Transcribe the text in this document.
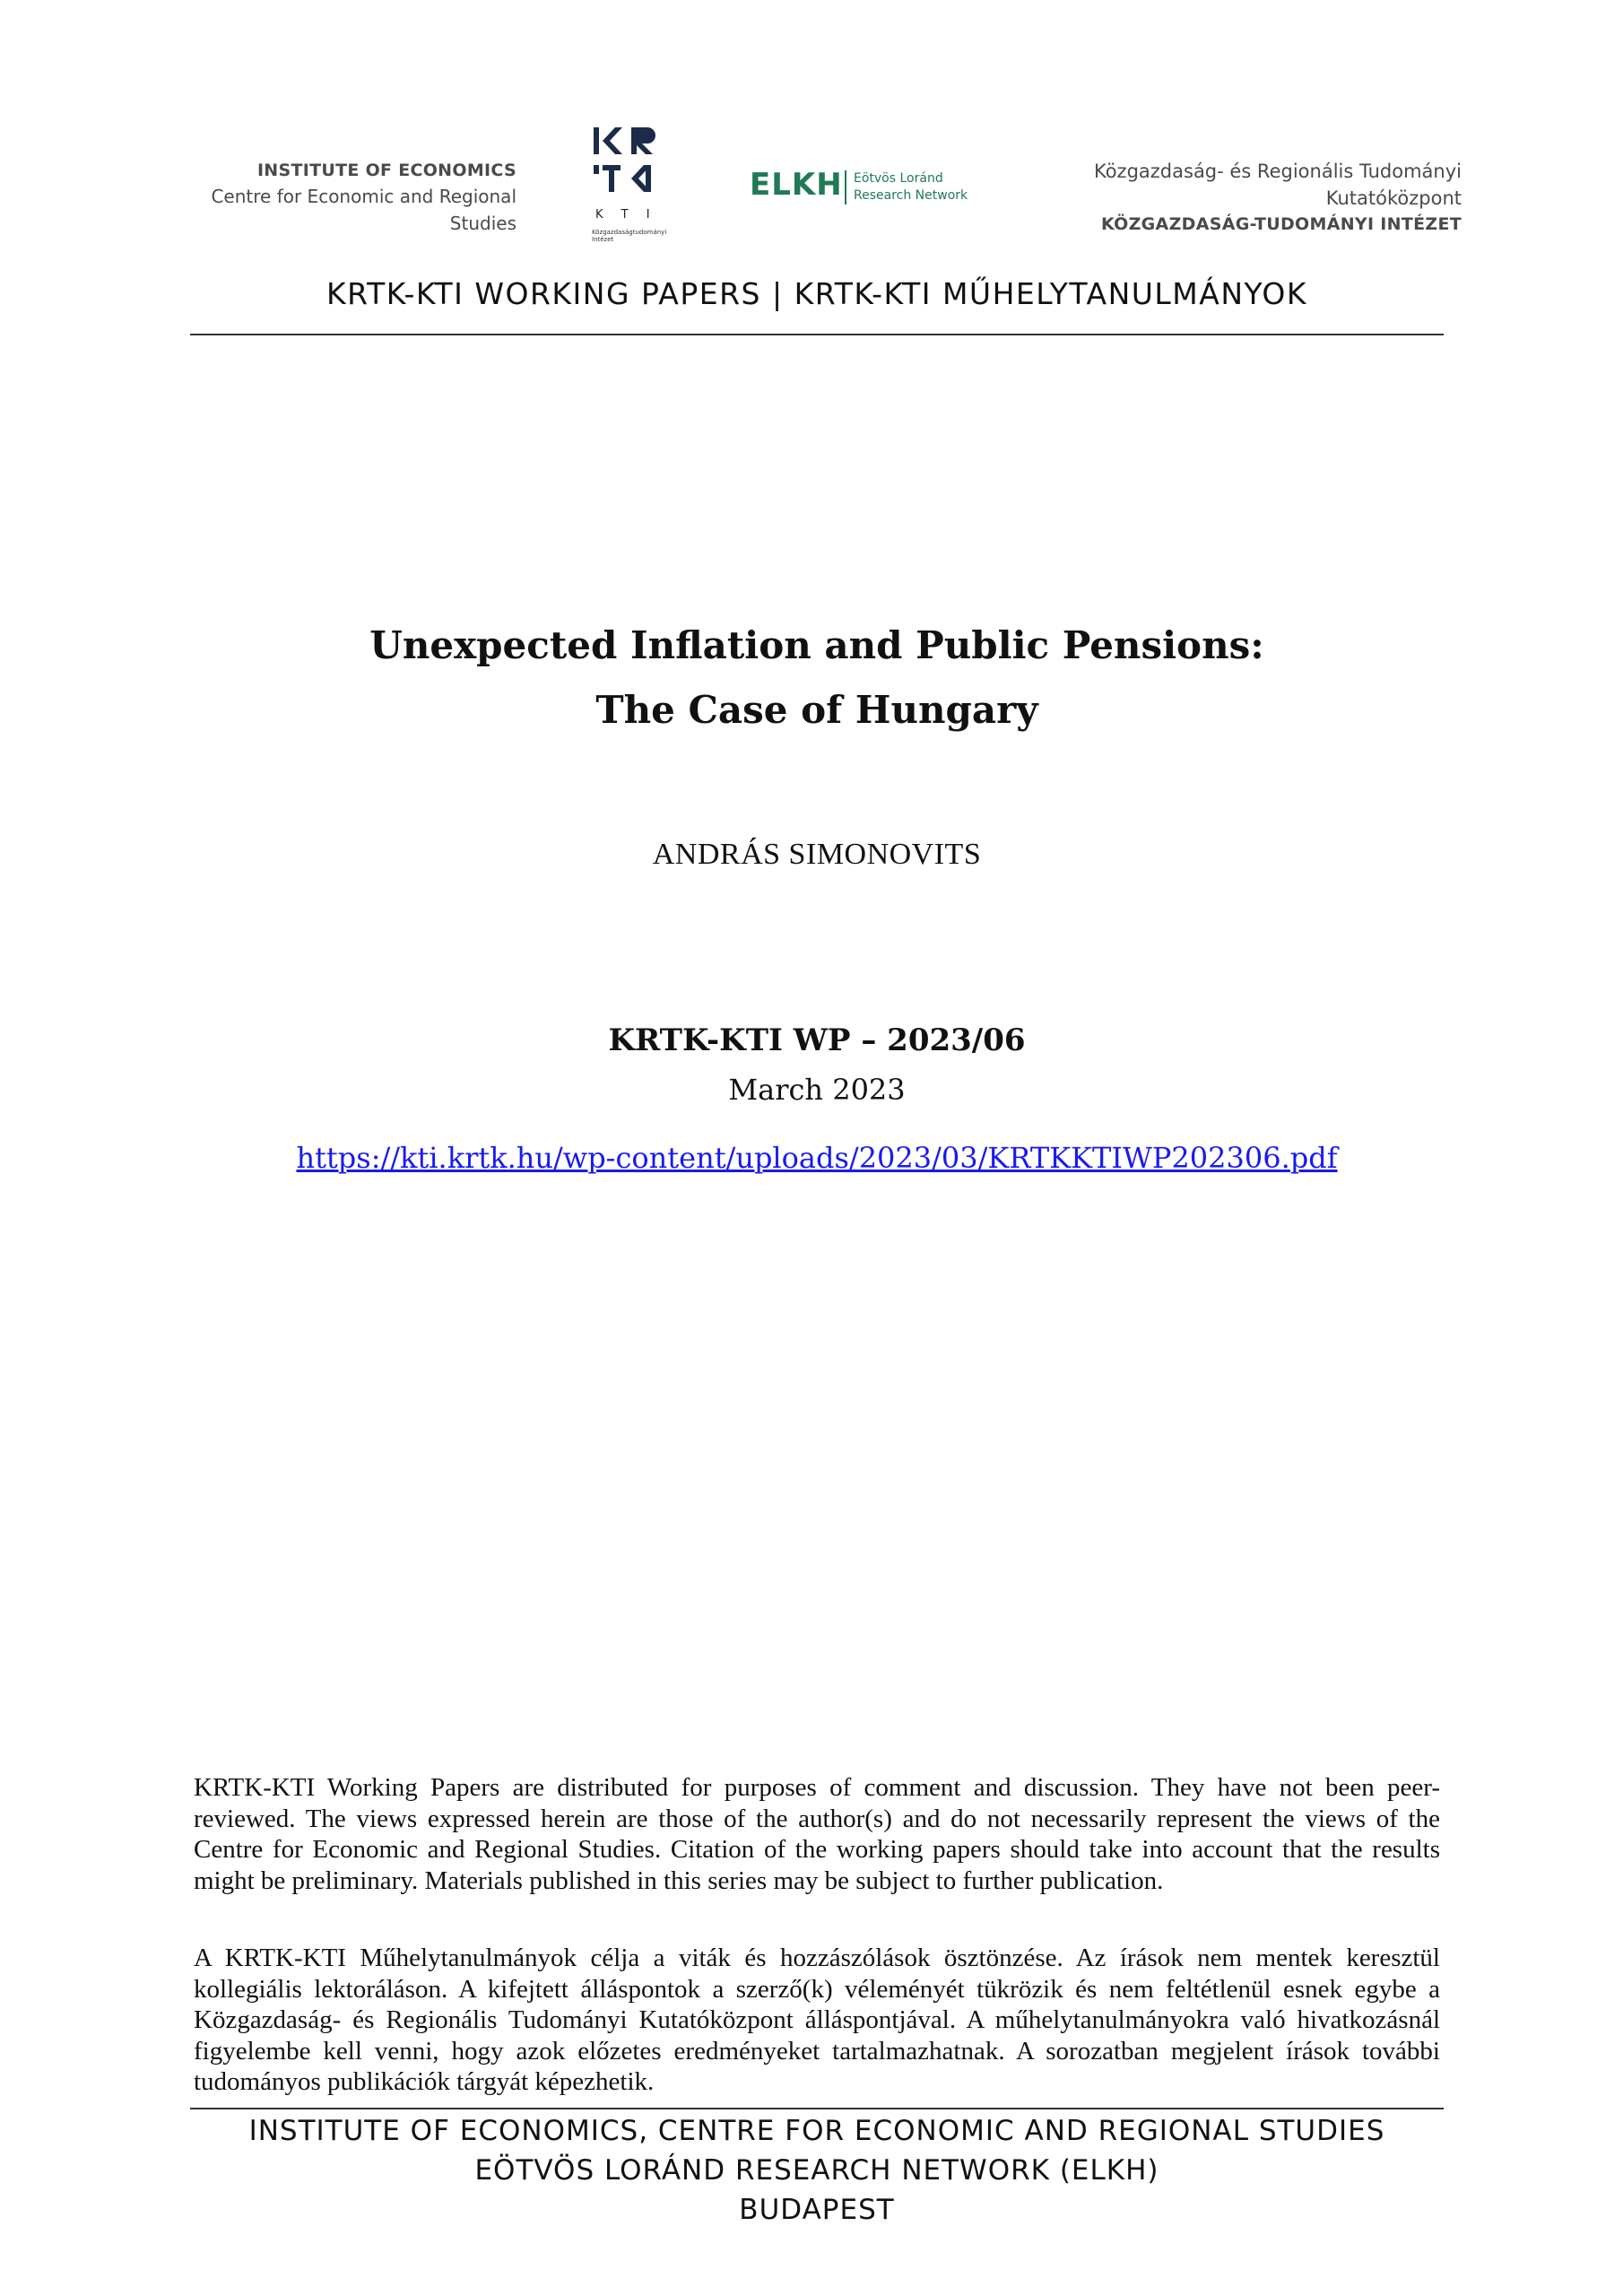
INSTITUTE OF ECONOMICS
Centre for Economic and Regional Studies	K T I
Közgazdaságtudományi Intézet
ELKH Eötvös Loránd
Research Network
Közgazdaság- és Regionális Tudományi Kutatóközpont
KÖZGAZDASÁG-TUDOMÁNYI INTÉZET
KRTK-KTI WORKING PAPERS | KRTK-KTI MŰHELYTANULMÁNYOK
Unexpected Inflation and Public Pensions:
The Case of Hungary
ANDRÁS SIMONOVITS
KRTK-KTI WP – 2023/06
March 2023
https://kti.krtk.hu/wp-content/uploads/2023/03/KRTKKTIWP202306.pdf
KRTK-KTI Working Papers are distributed for purposes of comment and discussion. They have not been peer-reviewed. The views expressed herein are those of the author(s) and do not necessarily represent the views of the Centre for Economic and Regional Studies. Citation of the working papers should take into account that the results might be preliminary. Materials published in this series may be subject to further publication.
A KRTK-KTI Műhelytanulmányok célja a viták és hozzászólások ösztönzése. Az írások nem mentek keresztül kollegiális lektoráláson. A kifejtett álláspontok a szerző(k) véleményét tükrözik és nem feltétlenül esnek egybe a Közgazdaság- és Regionális Tudományi Kutatóközpont álláspontjával. A műhelytanulmányokra való hivatkozásnál figyelembe kell venni, hogy azok előzetes eredményeket tartalmazhatnak. A sorozatban megjelent írások további tudományos publikációk tárgyát képezhetik.
INSTITUTE OF ECONOMICS, CENTRE FOR ECONOMIC AND REGIONAL STUDIES
EÖTVÖS LORÁND RESEARCH NETWORK (ELKH)
BUDAPEST
